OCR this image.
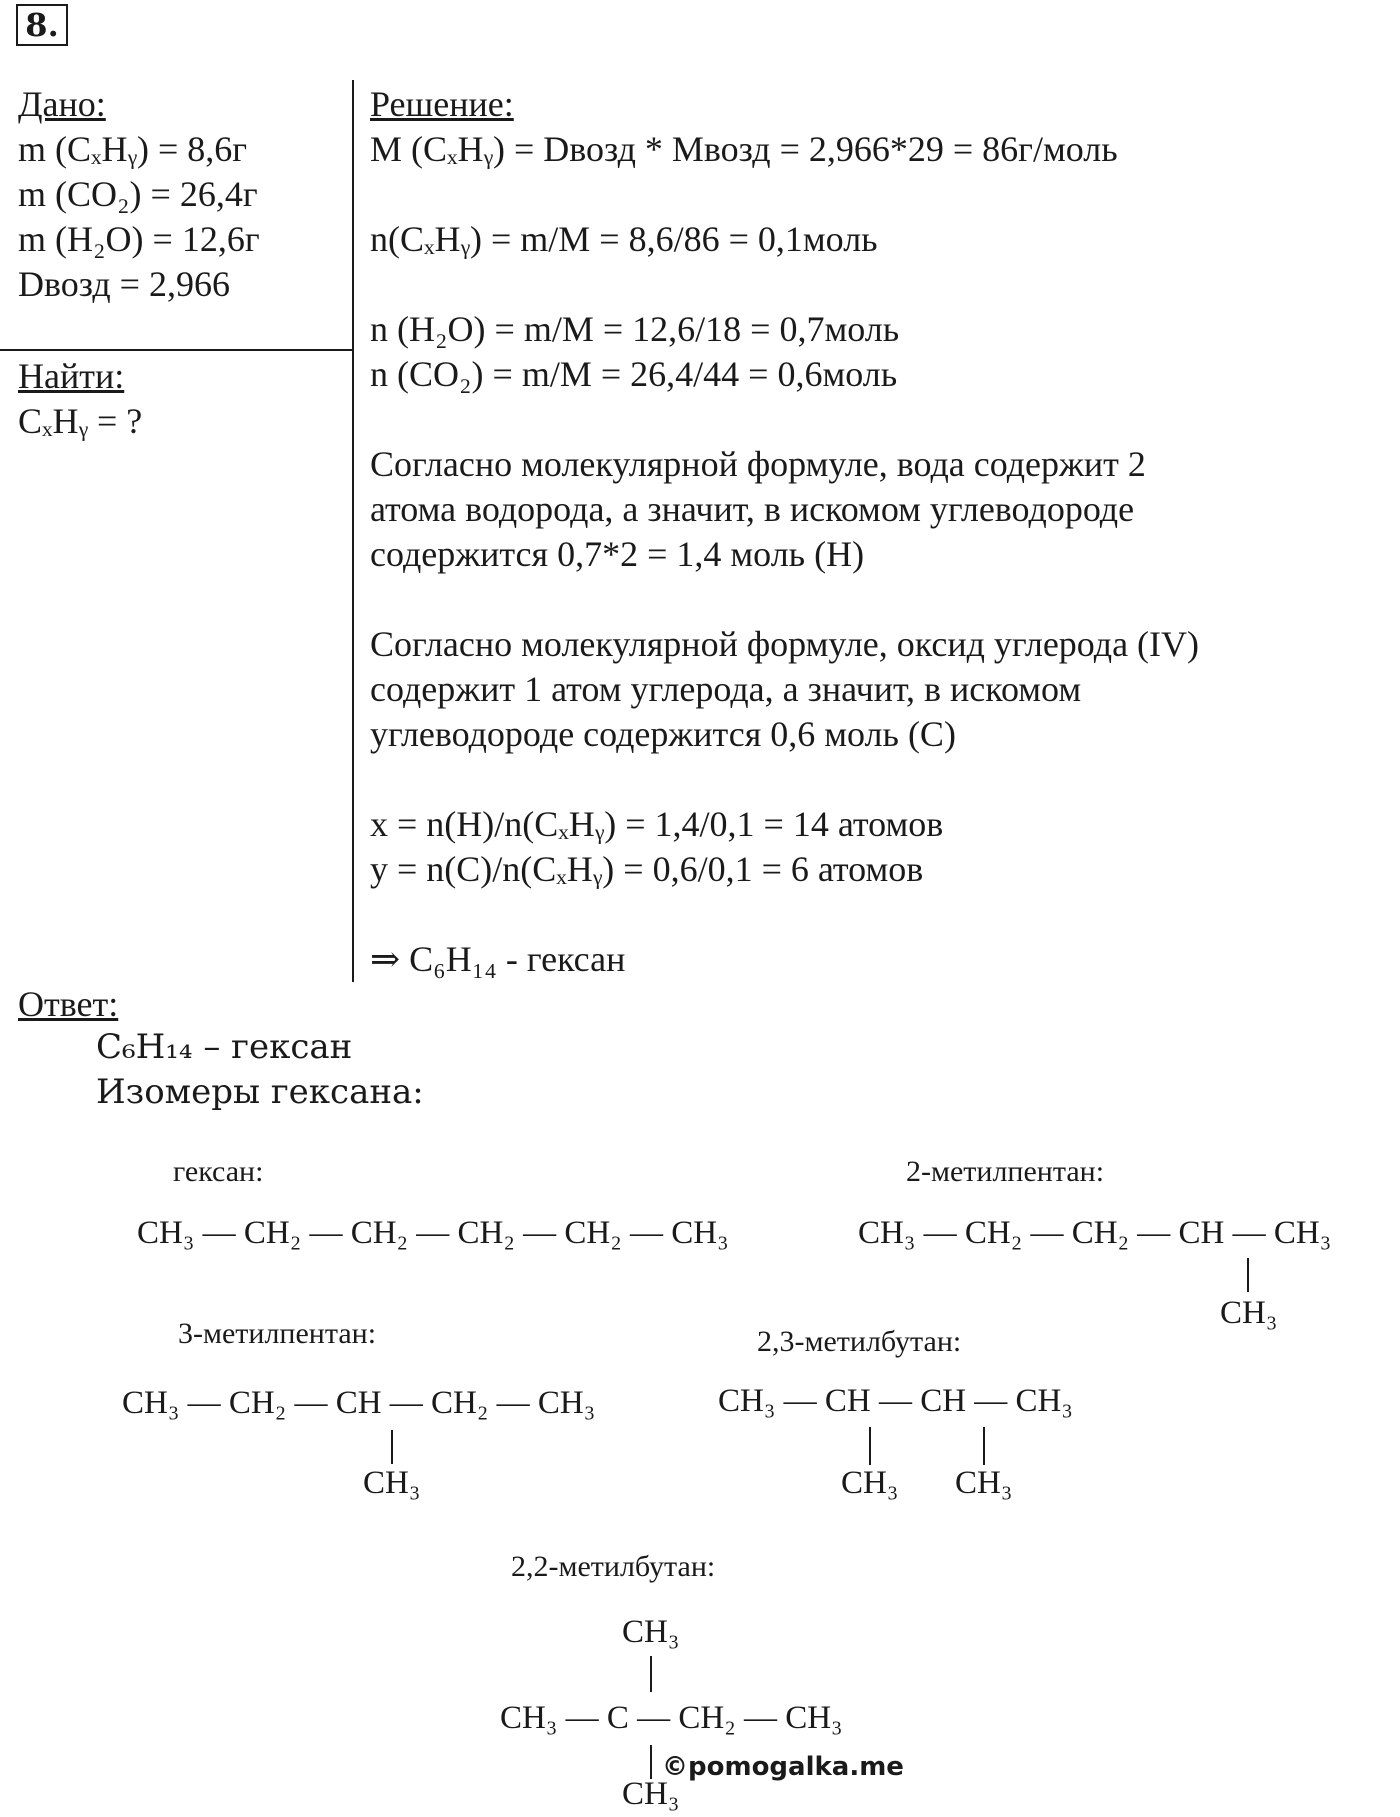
8.
Дано:
m (CₓHᵧ) = 8,6г
m (CO₂) = 26,4г
m (H₂O) = 12,6г
Dвозд = 2,966
Найти:
CₓHᵧ = ?
Решение:
M (CₓHᵧ) = Dвозд * Mвозд = 2,966*29 = 86г/моль
n(CₓHᵧ) = m/M = 8,6/86 = 0,1моль
n (H₂O) = m/M = 12,6/18 = 0,7моль
n (CO₂) = m/M = 26,4/44 = 0,6моль
Согласно молекулярной формуле, вода содержит 2
атома водорода, а значит, в искомом углеводороде
содержится 0,7*2 = 1,4 моль (H)
Согласно молекулярной формуле, оксид углерода (IV)
содержит 1 атом углерода, а значит, в искомом
углеводороде содержится 0,6 моль (C)
x = n(H)/n(CₓHᵧ) = 1,4/0,1 = 14 атомов
y = n(C)/n(CₓHᵧ) = 0,6/0,1 = 6 атомов
⇒ C₆H₁₄ - гексан
Ответ:
C₆H₁₄ – гексан
Изомеры гексана:
гексан:
CH₃ — CH₂ — CH₂ — CH₂ — CH₂ — CH₃
2-метилпентан:
CH₃ — CH₂ — CH₂ — CH — CH₃
CH₃
3-метилпентан:
CH₃ — CH₂ — CH — CH₂ — CH₃
CH₃
2,3-метилбутан:
CH₃ — CH — CH — CH₃
CH₃ CH₃
2,2-метилбутан:
CH₃
CH₃ — C — CH₂ — CH₃
CH₃
©pomogalka.me
